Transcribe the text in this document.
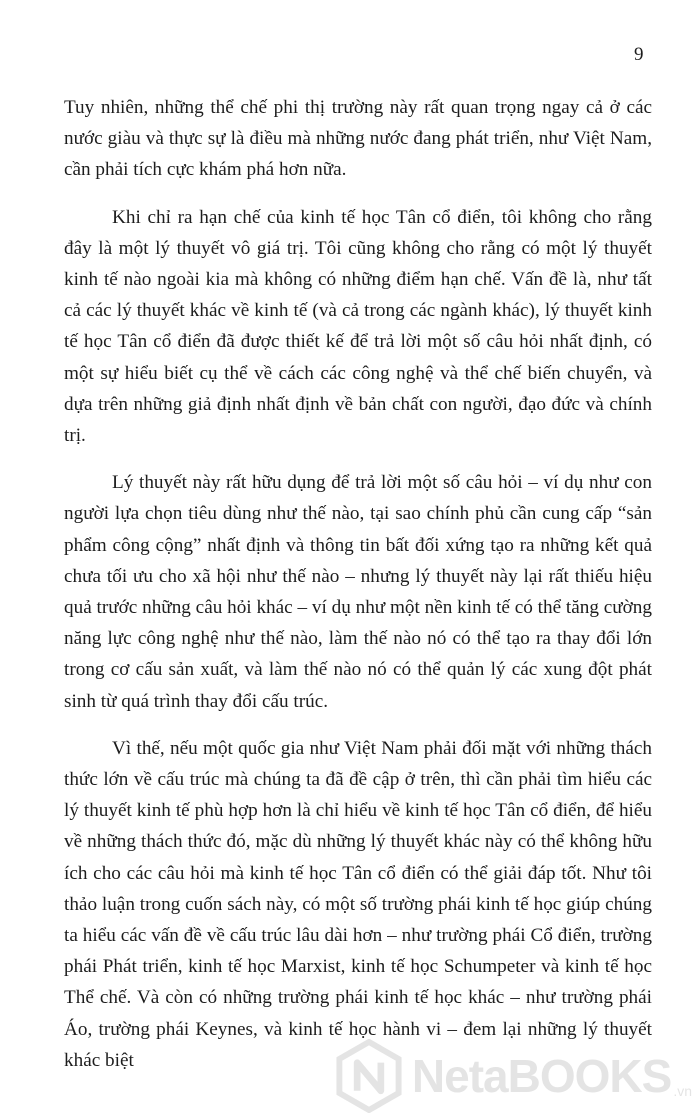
9

Tuy nhiên, những thể chế phi thị trường này rất quan trọng ngay cả ở các nước giàu và thực sự là điều mà những nước đang phát triển, như Việt Nam, cần phải tích cực khám phá hơn nữa.

Khi chỉ ra hạn chế của kinh tế học Tân cổ điển, tôi không cho rằng đây là một lý thuyết vô giá trị. Tôi cũng không cho rằng có một lý thuyết kinh tế nào ngoài kia mà không có những điểm hạn chế. Vấn đề là, như tất cả các lý thuyết khác về kinh tế (và cả trong các ngành khác), lý thuyết kinh tế học Tân cổ điển đã được thiết kế để trả lời một số câu hỏi nhất định, có một sự hiểu biết cụ thể về cách các công nghệ và thể chế biến chuyển, và dựa trên những giả định nhất định về bản chất con người, đạo đức và chính trị.

Lý thuyết này rất hữu dụng để trả lời một số câu hỏi – ví dụ như con người lựa chọn tiêu dùng như thế nào, tại sao chính phủ cần cung cấp “sản phẩm công cộng” nhất định và thông tin bất đối xứng tạo ra những kết quả chưa tối ưu cho xã hội như thế nào – nhưng lý thuyết này lại rất thiếu hiệu quả trước những câu hỏi khác – ví dụ như một nền kinh tế có thể tăng cường năng lực công nghệ như thế nào, làm thế nào nó có thể tạo ra thay đổi lớn trong cơ cấu sản xuất, và làm thế nào nó có thể quản lý các xung đột phát sinh từ quá trình thay đổi cấu trúc.

Vì thế, nếu một quốc gia như Việt Nam phải đối mặt với những thách thức lớn về cấu trúc mà chúng ta đã đề cập ở trên, thì cần phải tìm hiểu các lý thuyết kinh tế phù hợp hơn là chỉ hiểu về kinh tế học Tân cổ điển, để hiểu về những thách thức đó, mặc dù những lý thuyết khác này có thể không hữu ích cho các câu hỏi mà kinh tế học Tân cổ điển có thể giải đáp tốt. Như tôi thảo luận trong cuốn sách này, có một số trường phái kinh tế học giúp chúng ta hiểu các vấn đề về cấu trúc lâu dài hơn – như trường phái Cổ điển, trường phái Phát triển, kinh tế học Marxist, kinh tế học Schumpeter và kinh tế học Thể chế. Và còn có những trường phái kinh tế học khác – như trường phái Áo, trường phái Keynes, và kinh tế học hành vi – đem lại những lý thuyết khác biệt	NetaBOOKS .vn
